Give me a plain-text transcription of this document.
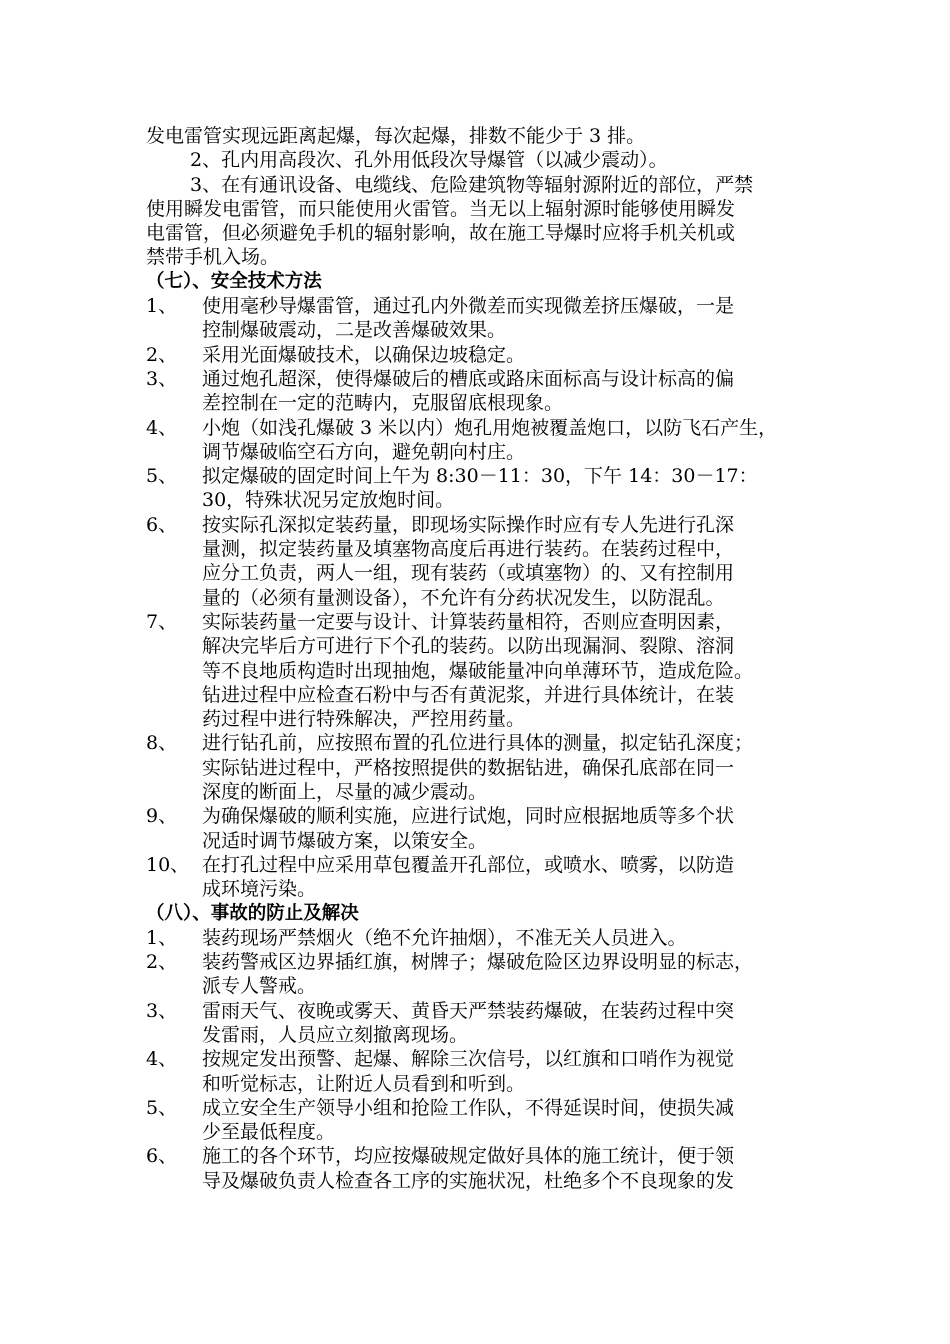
发电雷管实现远距离起爆，每次起爆，排数不能少于 3 排。
2、孔内用高段次、孔外用低段次导爆管（以减少震动）。
3、在有通讯设备、电缆线、危险建筑物等辐射源附近的部位，严禁
使用瞬发电雷管，而只能使用火雷管。当无以上辐射源时能够使用瞬发
电雷管，但必须避免手机的辐射影响，故在施工导爆时应将手机关机或
禁带手机入场。
（七）、安全技术方法
1、	使用毫秒导爆雷管，通过孔内外微差而实现微差挤压爆破，一是
控制爆破震动，二是改善爆破效果。
2、	采用光面爆破技术，以确保边坡稳定。
3、	通过炮孔超深，使得爆破后的槽底或路床面标高与设计标高的偏
差控制在一定的范畴内，克服留底根现象。
4、	小炮（如浅孔爆破 3 米以内）炮孔用炮被覆盖炮口，以防飞石产生，
调节爆破临空石方向，避免朝向村庄。
5、	拟定爆破的固定时间上午为 8:30－11：30，下午 14：30－17：
30，特殊状况另定放炮时间。
6、	按实际孔深拟定装药量，即现场实际操作时应有专人先进行孔深
量测，拟定装药量及填塞物高度后再进行装药。在装药过程中，
应分工负责，两人一组，现有装药（或填塞物）的、又有控制用
量的（必须有量测设备），不允许有分药状况发生，以防混乱。
7、	实际装药量一定要与设计、计算装药量相符，否则应查明因素，
解决完毕后方可进行下个孔的装药。以防出现漏洞、裂隙、溶洞
等不良地质构造时出现抽炮，爆破能量冲向单薄环节，造成危险。
钻进过程中应检查石粉中与否有黄泥浆，并进行具体统计，在装
药过程中进行特殊解决，严控用药量。
8、	进行钻孔前，应按照布置的孔位进行具体的测量，拟定钻孔深度；
实际钻进过程中，严格按照提供的数据钻进，确保孔底部在同一
深度的断面上，尽量的减少震动。
9、	为确保爆破的顺利实施，应进行试炮，同时应根据地质等多个状
况适时调节爆破方案，以策安全。
10、 在打孔过程中应采用草包覆盖开孔部位，或喷水、喷雾，以防造
成环境污染。
（八）、事故的防止及解决
1、	装药现场严禁烟火（绝不允许抽烟），不准无关人员进入。
2、	装药警戒区边界插红旗，树牌子；爆破危险区边界设明显的标志，
派专人警戒。
3、	雷雨天气、夜晚或雾天、黄昏天严禁装药爆破，在装药过程中突
发雷雨，人员应立刻撤离现场。
4、	按规定发出预警、起爆、解除三次信号，以红旗和口哨作为视觉
和听觉标志，让附近人员看到和听到。
5、	成立安全生产领导小组和抢险工作队，不得延误时间，使损失减
少至最低程度。
6、	施工的各个环节，均应按爆破规定做好具体的施工统计，便于领
导及爆破负责人检查各工序的实施状况，杜绝多个不良现象的发
